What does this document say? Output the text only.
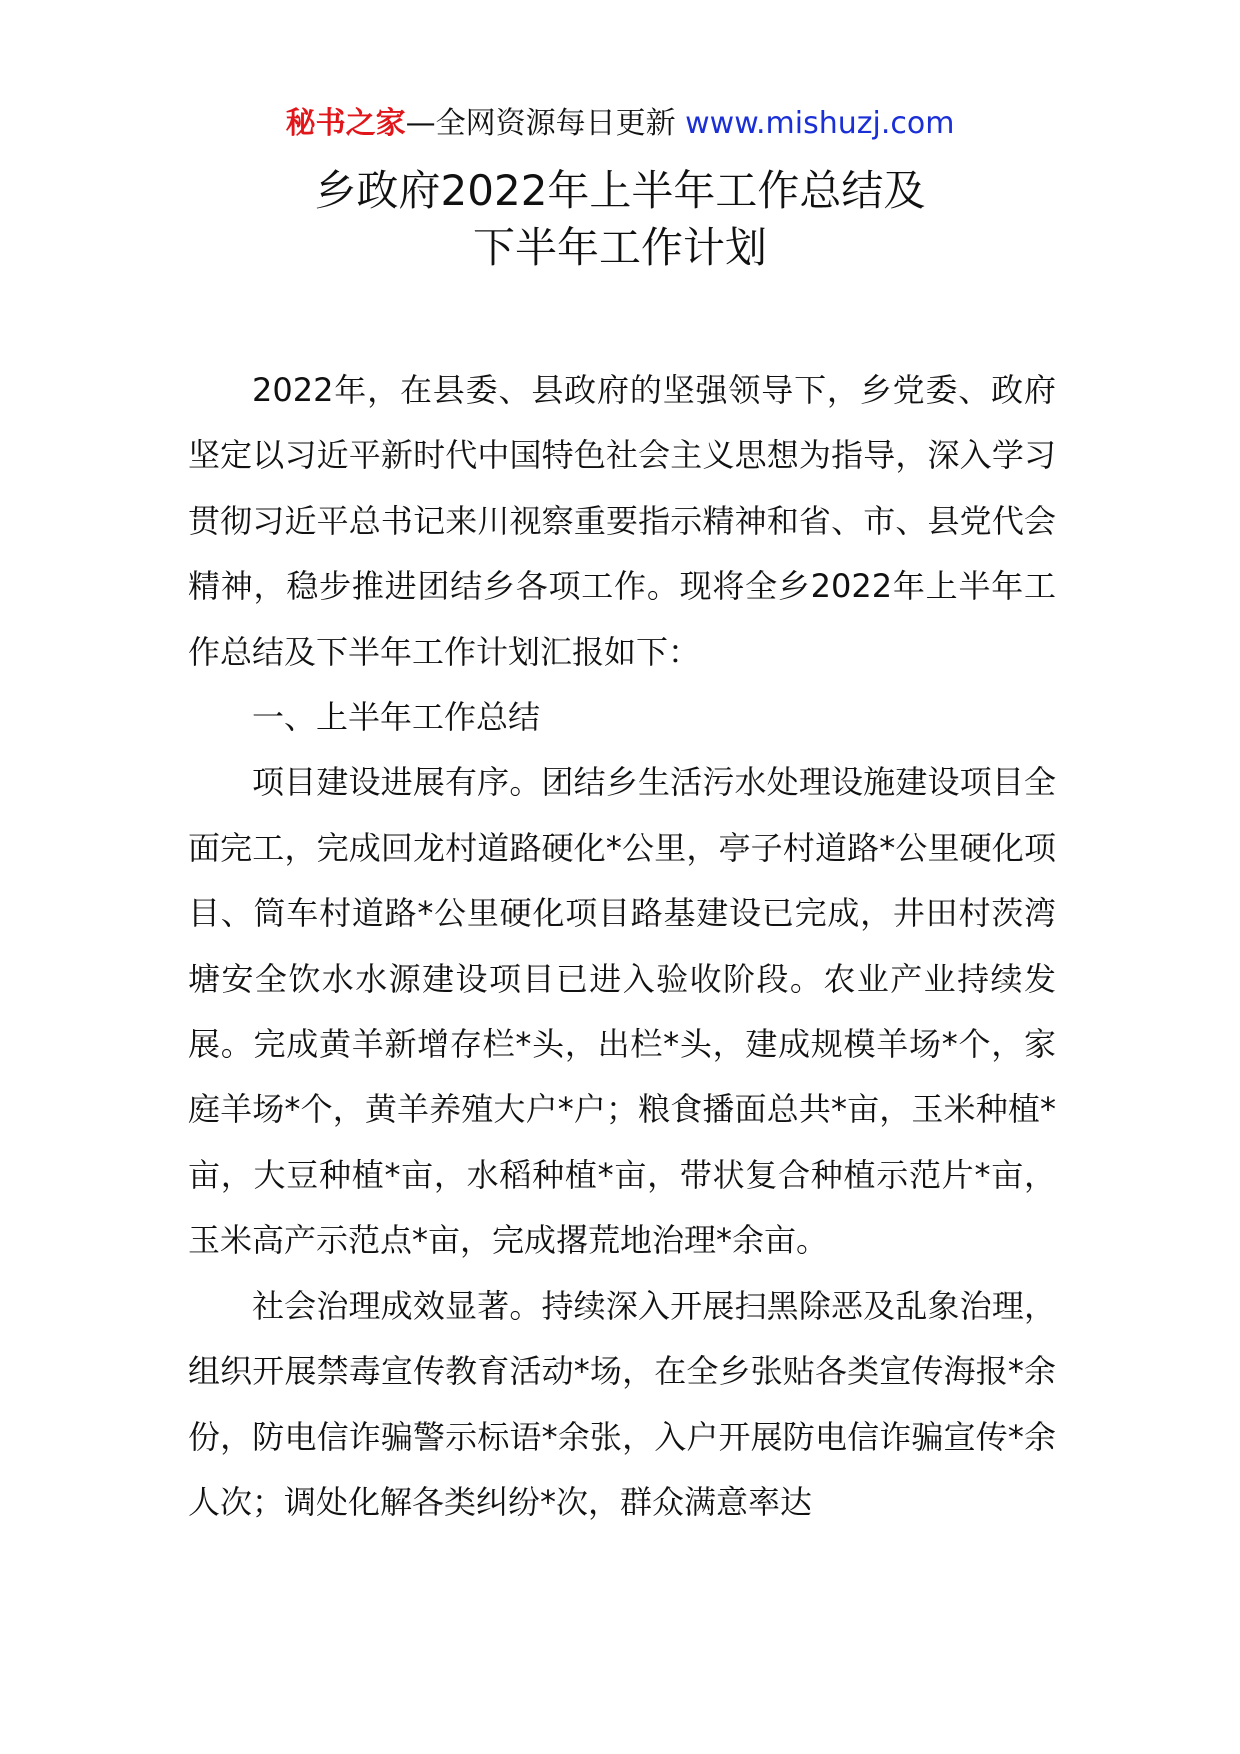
秘书之家—全网资源每日更新 www.mishuzj.com
乡政府2022年上半年工作总结及
下半年工作计划

2022年，在县委、县政府的坚强领导下，乡党委、政府坚定以习近平新时代中国特色社会主义思想为指导，深入学习贯彻习近平总书记来川视察重要指示精神和省、市、县党代会精神，稳步推进团结乡各项工作。现将全乡2022年上半年工作总结及下半年工作计划汇报如下：

一、上半年工作总结

项目建设进展有序。团结乡生活污水处理设施建设项目全面完工，完成回龙村道路硬化*公里，亭子村道路*公里硬化项目、筒车村道路*公里硬化项目路基建设已完成，井田村茨湾塘安全饮水水源建设项目已进入验收阶段。农业产业持续发展。完成黄羊新增存栏*头，出栏*头，建成规模羊场*个，家庭羊场*个，黄羊养殖大户*户；粮食播面总共*亩，玉米种植*亩，大豆种植*亩，水稻种植*亩，带状复合种植示范片*亩，玉米高产示范点*亩，完成撂荒地治理*余亩。

社会治理成效显著。持续深入开展扫黑除恶及乱象治理，组织开展禁毒宣传教育活动*场，在全乡张贴各类宣传海报*余份，防电信诈骗警示标语*余张，入户开展防电信诈骗宣传*余人次；调处化解各类纠纷*次，群众满意率达
